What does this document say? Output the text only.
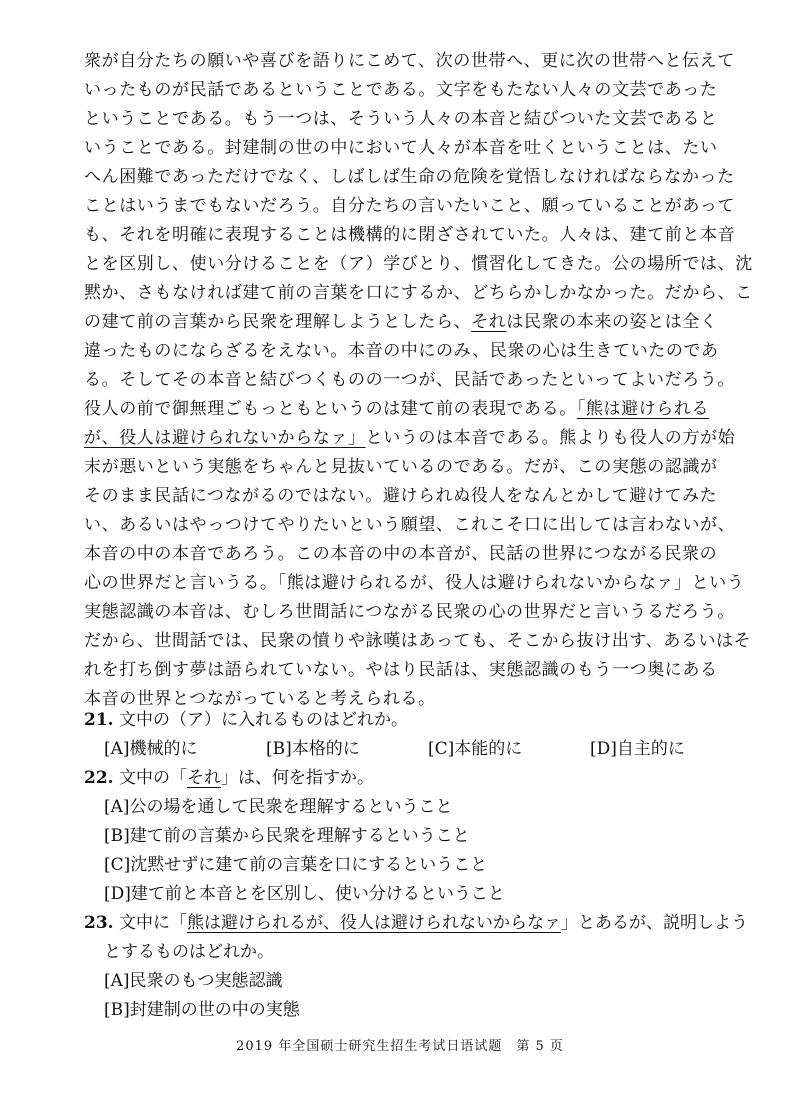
衆が自分たちの願いや喜びを語りにこめて、次の世帯へ、更に次の世帯へと伝えて
いったものが民話であるということである。文字をもたない人々の文芸であった
ということである。もう一つは、そういう人々の本音と結びついた文芸であると
いうことである。封建制の世の中において人々が本音を吐くということは、たい
へん困難であっただけでなく、しばしば生命の危険を覚悟しなければならなかった
ことはいうまでもないだろう。自分たちの言いたいこと、願っていることがあって
も、それを明確に表現することは機構的に閉ざされていた。人々は、建て前と本音
とを区別し、使い分けることを（ア）学びとり、慣習化してきた。公の場所では、沈
黙か、さもなければ建て前の言葉を口にするか、どちらかしかなかった。だから、こ
の建て前の言葉から民衆を理解しようとしたら、それは民衆の本来の姿とは全く
違ったものにならざるをえない。本音の中にのみ、民衆の心は生きていたのであ
る。そしてその本音と結びつくものの一つが、民話であったといってよいだろう。
役人の前で御無理ごもっともというのは建て前の表現である。「熊は避けられる
が、役人は避けられないからなァ」というのは本音である。熊よりも役人の方が始
末が悪いという実態をちゃんと見抜いているのである。だが、この実態の認識が
そのまま民話につながるのではない。避けられぬ役人をなんとかして避けてみた
い、あるいはやっつけてやりたいという願望、これこそ口に出しては言わないが、
本音の中の本音であろう。この本音の中の本音が、民話の世界につながる民衆の
心の世界だと言いうる。「熊は避けられるが、役人は避けられないからなァ」という
実態認識の本音は、むしろ世間話につながる民衆の心の世界だと言いうるだろう。
だから、世間話では、民衆の憤りや詠嘆はあっても、そこから抜け出す、あるいはそ
れを打ち倒す夢は語られていない。やはり民話は、実態認識のもう一つ奥にある
本音の世界とつながっていると考えられる。
21. 文中の（ア）に入れるものはどれか。
[A]機械的に	[B]本格的に	[C]本能的に	[D]自主的に
22. 文中の「それ」は、何を指すか。
[A]公の場を通して民衆を理解するということ
[B]建て前の言葉から民衆を理解するということ
[C]沈黙せずに建て前の言葉を口にするということ
[D]建て前と本音とを区別し、使い分けるということ
23. 文中に「熊は避けられるが、役人は避けられないからなァ」とあるが、説明しよう
とするものはどれか。
[A]民衆のもつ実態認識
[B]封建制の世の中の実態
2019 年全国硕士研究生招生考试日语试题　第 5 页
